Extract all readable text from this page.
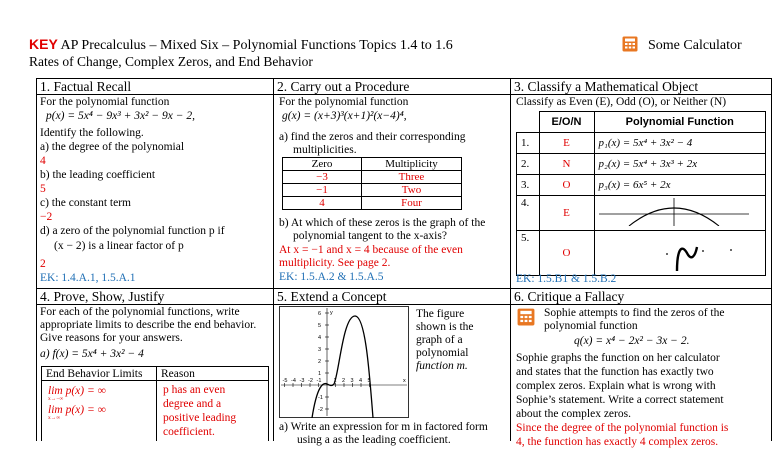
KEY AP Precalculus – Mixed Six – Polynomial Functions Topics 1.4 to 1.6
Rates of Change, Complex Zeros, and End Behavior
Some Calculator
1. Factual Recall
For the polynomial function
p(x) = 5x⁴ − 9x³ + 3x² − 9x − 2,
Identify the following.
a) the degree of the polynomial
4
b) the leading coefficient
5
c) the constant term
−2
d) a zero of the polynomial function p if
(x − 2) is a linear factor of p
2
EK: 1.4.A.1, 1.5.A.1
2. Carry out a Procedure
For the polynomial function
g(x) = (x+3)³(x+1)²(x−4)⁴,
a) find the zeros and their corresponding
multiplicities.
Zero	Multiplicity
−3	Three
−1	Two
4	Four
b) At which of these zeros is the graph of the
polynomial tangent to the x-axis?
At x = −1 and x = 4 because of the even
multiplicity. See page 2.
EK: 1.5.A.2 & 1.5.A.5
3. Classify a Mathematical Object
Classify as Even (E), Odd (O), or Neither (N)
	E/O/N	Polynomial Function
1.	E	p₁(x) = 5x⁴ + 3x² − 4
2.	N	p₂(x) = 5x⁴ + 3x³ + 2x
3.	O	p₃(x) = 6x⁵ + 2x
4.	E	
5.	O	
EK: 1.5.B1 & 1.5.B.2
4. Prove, Show, Justify
For each of the polynomial functions, write
appropriate limits to describe the end behavior.
Give reasons for your answers.
a) f(x) = 5x⁴ + 3x² − 4
End Behavior Limits Reason
lim p(x) = ∞
x→−∞
lim p(x) = ∞
x→∞
p has an even
degree and a
positive leading
coefficient.
5. Extend a Concept
-5 -4 -3 -2 -1 1 2 3 4 5
6
5
4
3
2
1
-1
-2
x
y	The figure
shown is the
graph of a
polynomial
function m.
a) Write an expression for m in factored form
using a as the leading coefficient.
6. Critique a Fallacy
Sophie attempts to find the zeros of the
polynomial function
q(x) = x⁴ − 2x² − 3x − 2.
Sophie graphs the function on her calculator
and states that the function has exactly two
complex zeros. Explain what is wrong with
Sophie’s statement. Write a correct statement
about the complex zeros.
Since the degree of the polynomial function is
4, the function has exactly 4 complex zeros.
